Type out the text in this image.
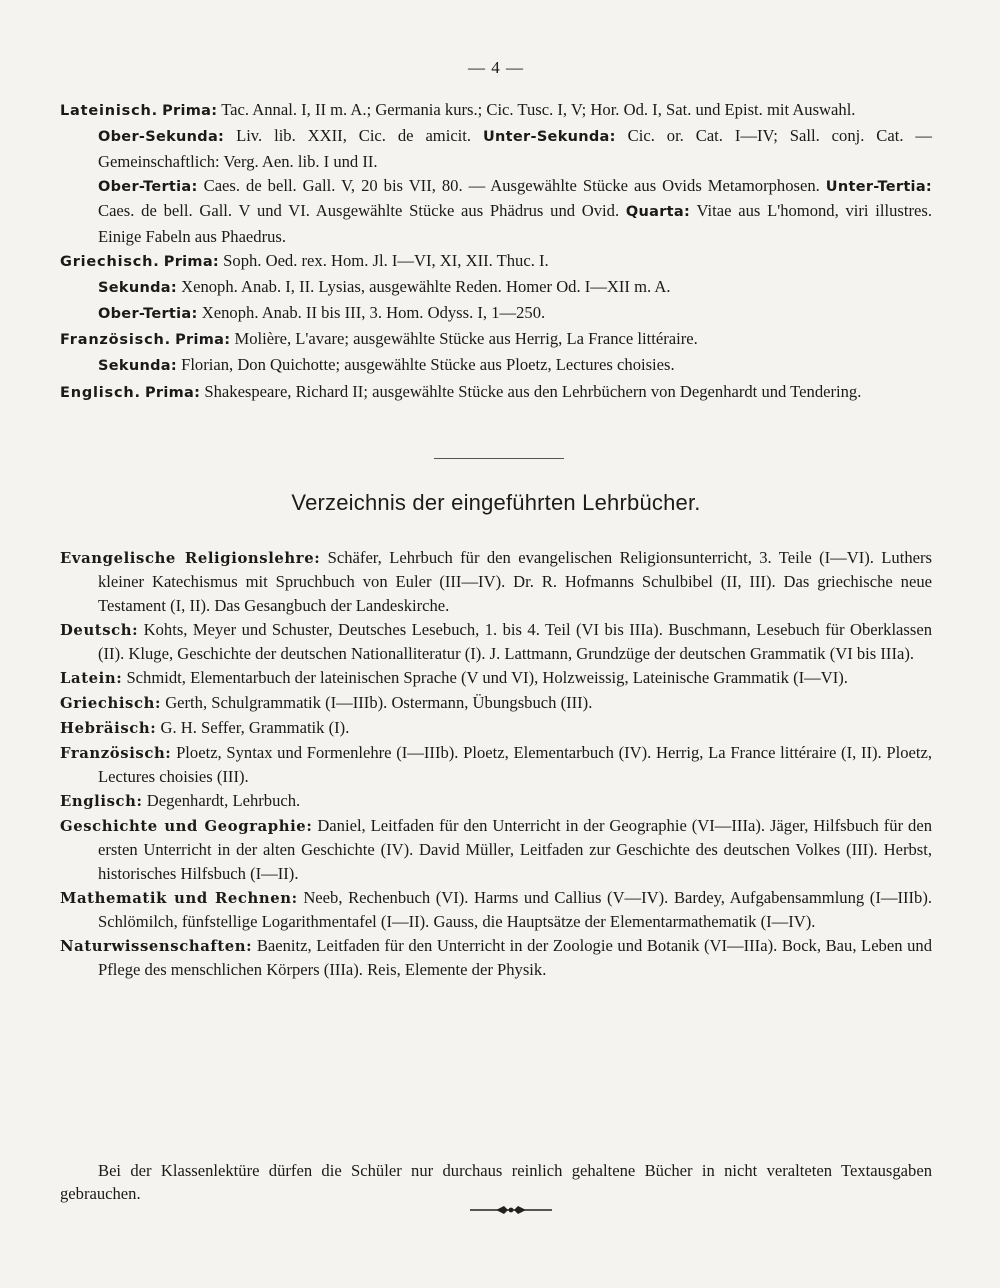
— 4 —

Lateinisch. Prima: Tac. Annal. I, II m. A.; Germania kurs.; Cic. Tusc. I, V; Hor. Od. I, Sat. und Epist. mit Auswahl.

Ober-Sekunda: Liv. lib. XXII, Cic. de amicit. Unter-Sekunda: Cic. or. Cat. I—IV; Sall. conj. Cat. — Gemeinschaftlich: Verg. Aen. lib. I und II.

Ober-Tertia: Caes. de bell. Gall. V, 20 bis VII, 80. — Ausgewählte Stücke aus Ovids Metamorphosen. Unter-Tertia: Caes. de bell. Gall. V und VI. Ausgewählte Stücke aus Phädrus und Ovid. Quarta: Vitae aus L'homond, viri illustres. Einige Fabeln aus Phaedrus.

Griechisch. Prima: Soph. Oed. rex. Hom. Jl. I—VI, XI, XII. Thuc. I.

Sekunda: Xenoph. Anab. I, II. Lysias, ausgewählte Reden. Homer Od. I—XII m. A.

Ober-Tertia: Xenoph. Anab. II bis III, 3. Hom. Odyss. I, 1—250.

Französisch. Prima: Molière, L'avare; ausgewählte Stücke aus Herrig, La France littéraire.

Sekunda: Florian, Don Quichotte; ausgewählte Stücke aus Ploetz, Lectures choisies.

Englisch. Prima: Shakespeare, Richard II; ausgewählte Stücke aus den Lehrbüchern von Degenhardt und Tendering.

Verzeichnis der eingeführten Lehrbücher.

Evangelische Religionslehre: Schäfer, Lehrbuch für den evangelischen Religionsunterricht, 3. Teile (I—VI). Luthers kleiner Katechismus mit Spruchbuch von Euler (III—IV). Dr. R. Hofmanns Schulbibel (II, III). Das griechische neue Testament (I, II). Das Gesangbuch der Landeskirche.

Deutsch: Kohts, Meyer und Schuster, Deutsches Lesebuch, 1. bis 4. Teil (VI bis IIIa). Buschmann, Lesebuch für Oberklassen (II). Kluge, Geschichte der deutschen Nationalliteratur (I). J. Lattmann, Grundzüge der deutschen Grammatik (VI bis IIIa).

Latein: Schmidt, Elementarbuch der lateinischen Sprache (V und VI), Holzweissig, Lateinische Grammatik (I—VI).

Griechisch: Gerth, Schulgrammatik (I—IIIb). Ostermann, Übungsbuch (III).

Hebräisch: G. H. Seffer, Grammatik (I).

Französisch: Ploetz, Syntax und Formenlehre (I—IIIb). Ploetz, Elementarbuch (IV). Herrig, La France littéraire (I, II). Ploetz, Lectures choisies (III).

Englisch: Degenhardt, Lehrbuch.

Geschichte und Geographie: Daniel, Leitfaden für den Unterricht in der Geographie (VI—IIIa). Jäger, Hilfsbuch für den ersten Unterricht in der alten Geschichte (IV). David Müller, Leitfaden zur Geschichte des deutschen Volkes (III). Herbst, historisches Hilfsbuch (I—II).

Mathematik und Rechnen: Neeb, Rechenbuch (VI). Harms und Callius (V—IV). Bardey, Aufgabensammlung (I—IIIb). Schlömilch, fünfstellige Logarithmentafel (I—II). Gauss, die Hauptsätze der Elementarmathematik (I—IV).

Naturwissenschaften: Baenitz, Leitfaden für den Unterricht in der Zoologie und Botanik (VI—IIIa). Bock, Bau, Leben und Pflege des menschlichen Körpers (IIIa). Reis, Elemente der Physik.

Bei der Klassenlektüre dürfen die Schüler nur durchaus reinlich gehaltene Bücher in nicht veralteten Textausgaben gebrauchen.
